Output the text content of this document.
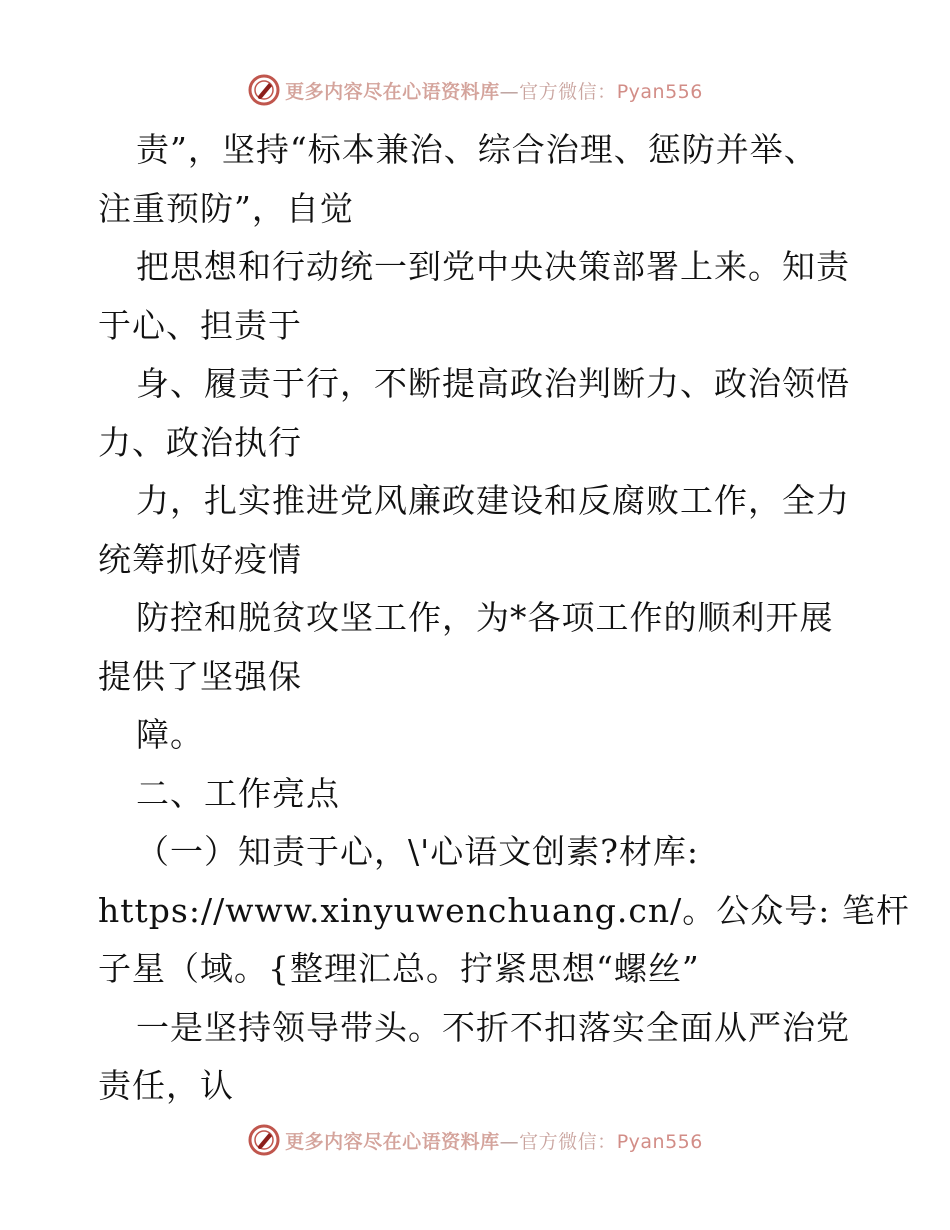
更多内容尽在心语资料库—官方微信：Pyan556
责”，坚持“标本兼治、综合治理、惩防并举、
注重预防”，自觉
把思想和行动统一到党中央决策部署上来。知责
于心、担责于
身、履责于行，不断提高政治判断力、政治领悟
力、政治执行
力，扎实推进党风廉政建设和反腐败工作，全力
统筹抓好疫情
防控和脱贫攻坚工作，为*各项工作的顺利开展
提供了坚强保
障。
二、工作亮点
（一）知责于心，\'心语文创素?材库:
https://www.xinyuwenchuang.cn/。公众号: 笔杆
子星（域。{整理汇总。拧紧思想“螺丝”
一是坚持领导带头。不折不扣落实全面从严治党
责任，认
更多内容尽在心语资料库—官方微信：Pyan556
